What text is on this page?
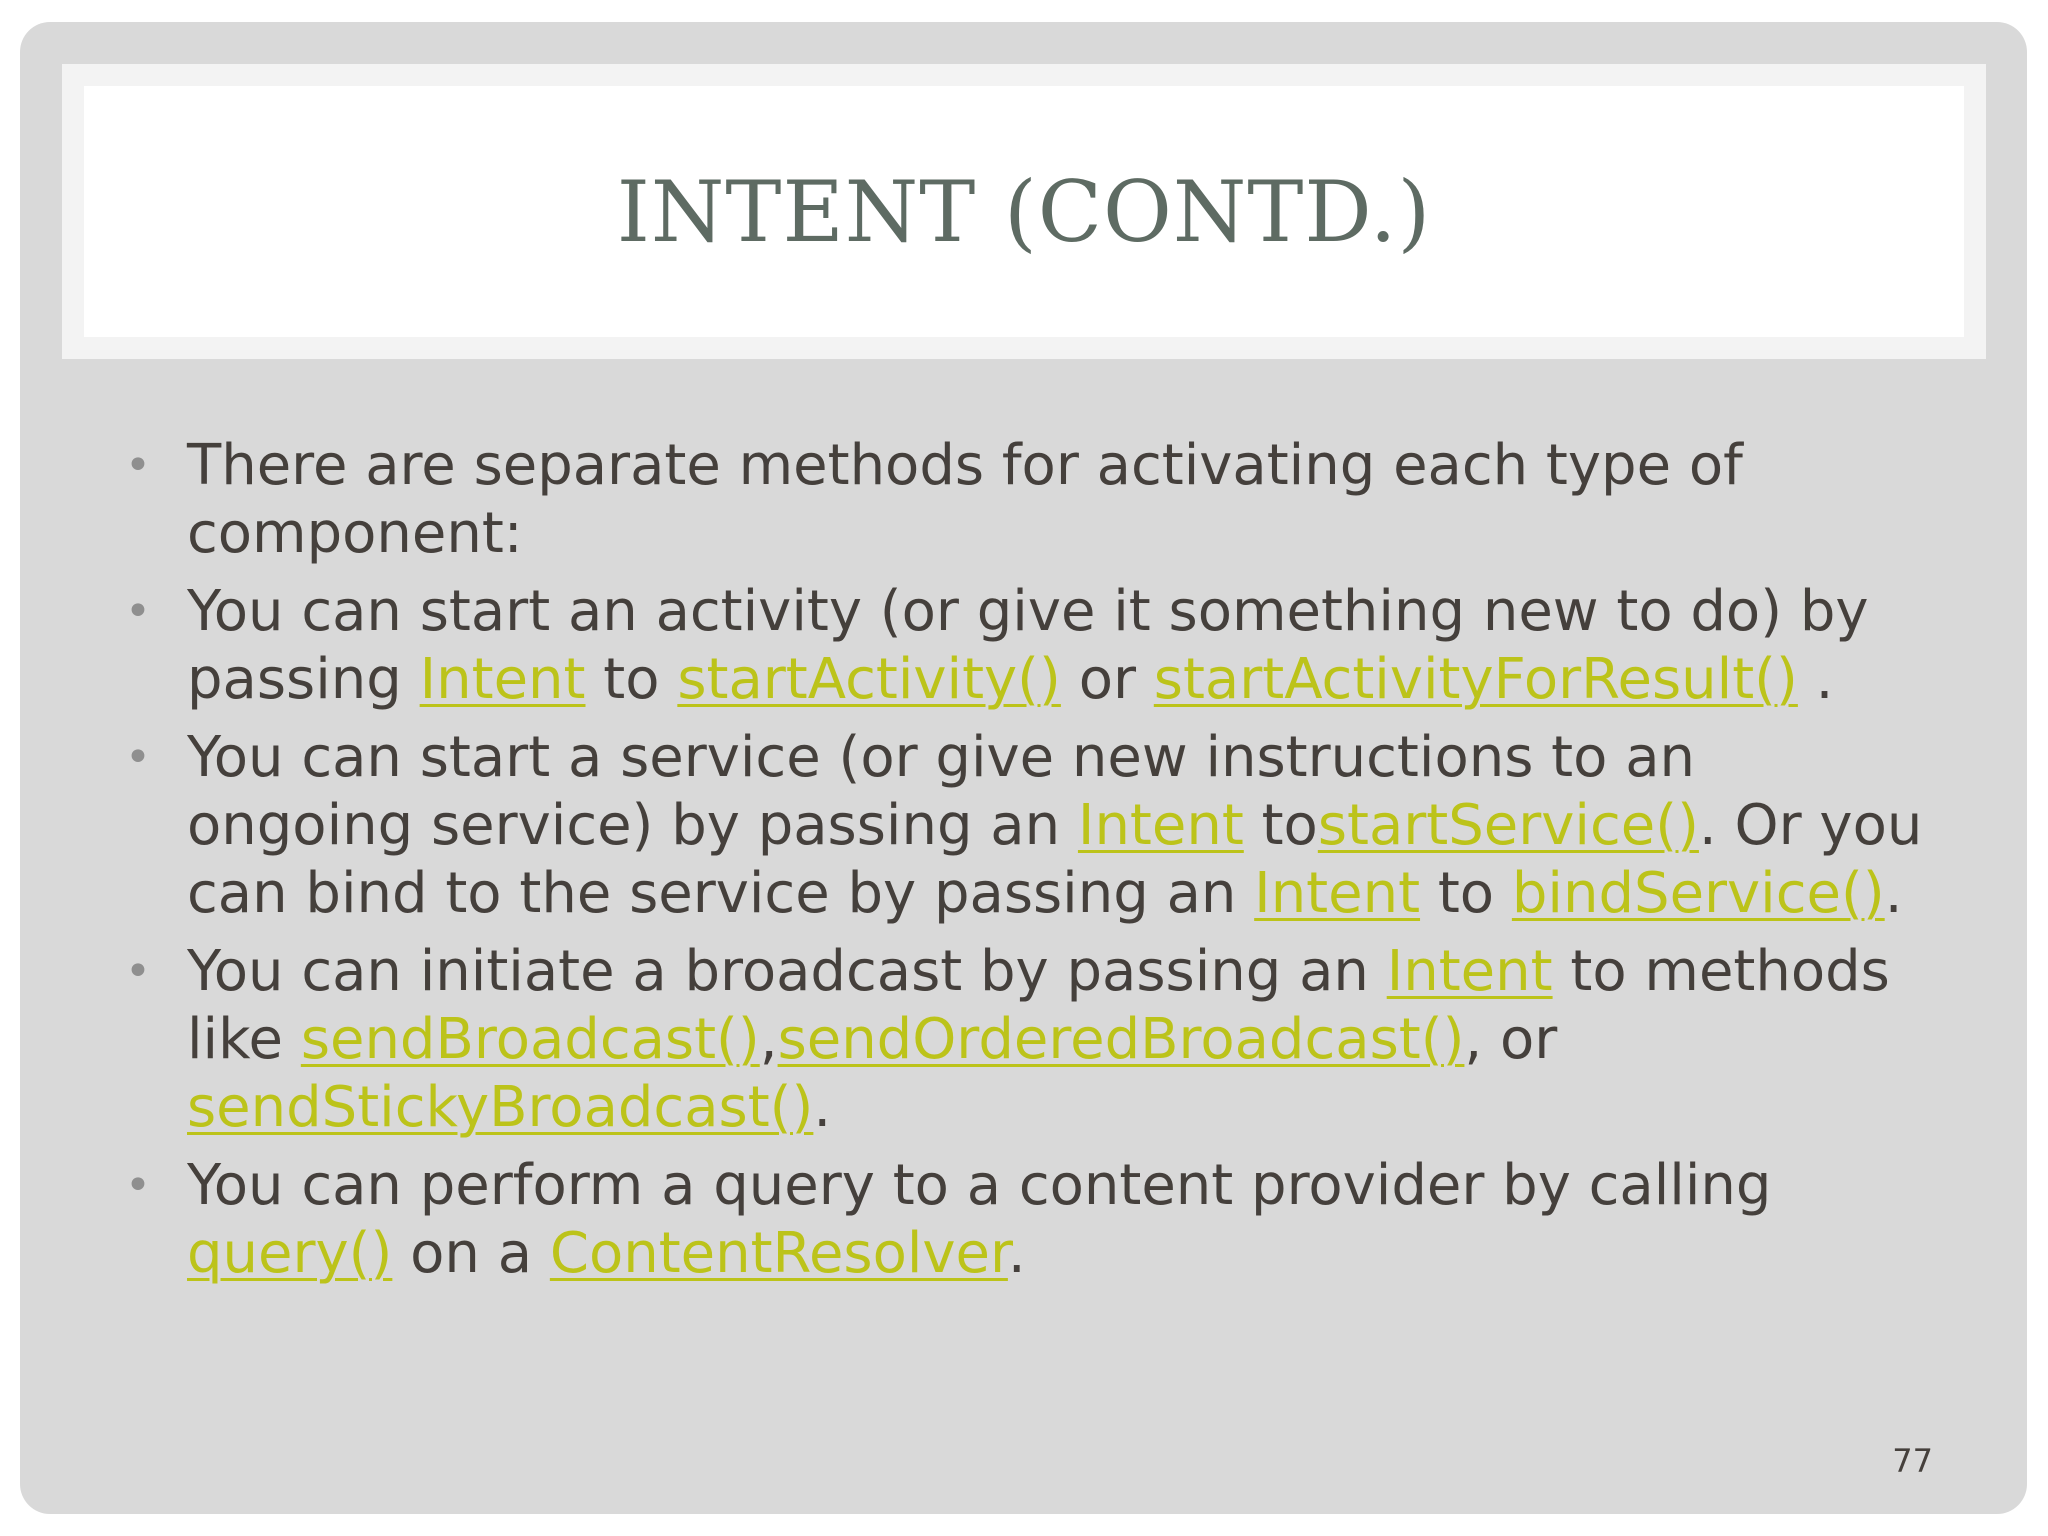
INTENT (CONTD.)
• There are separate methods for activating each type of component:
• You can start an activity (or give it something new to do) by passing Intent to startActivity() or startActivityForResult() .
• You can start a service (or give new instructions to an ongoing service) by passing an Intent tostartService(). Or you can bind to the service by passing an Intent to bindService().
• You can initiate a broadcast by passing an Intent to methods like sendBroadcast(),sendOrderedBroadcast(), or sendStickyBroadcast().
• You can perform a query to a content provider by calling query() on a ContentResolver.
77
